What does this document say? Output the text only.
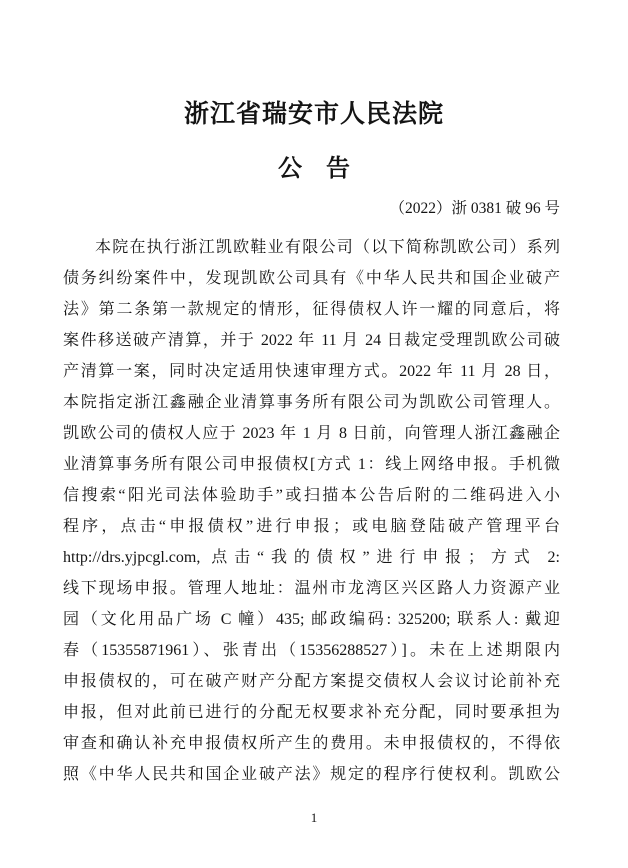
浙江省瑞安市人民法院
公　告
（2022）浙 0381 破 96 号
本院在执行浙江凯欧鞋业有限公司（以下简称凯欧公司）系列
债务纠纷案件中，发现凯欧公司具有《中华人民共和国企业破产
法》第二条第一款规定的情形，征得债权人许一耀的同意后，将
案件移送破产清算，并于 2022 年 11 月 24 日裁定受理凯欧公司破
产清算一案，同时决定适用快速审理方式。2022 年 11 月 28 日，
本院指定浙江鑫融企业清算事务所有限公司为凯欧公司管理人。
凯欧公司的债权人应于 2023 年 1 月 8 日前，向管理人浙江鑫融企
业清算事务所有限公司申报债权[方式 1：线上网络申报。手机微
信搜索“阳光司法体验助手”或扫描本公告后附的二维码进入小
程序，点击“申报债权”进行申报；或电脑登陆破产管理平台
http://drs.yjpcgl.com, 点击“我的债权”进行申报；方式 2:
线下现场申报。管理人地址：温州市龙湾区兴区路人力资源产业
园（文化用品广场 C 幢）435; 邮政编码: 325200; 联系人: 戴迎
春（15355871961）、张青出（15356288527）]。未在上述期限内
申报债权的，可在破产财产分配方案提交债权人会议讨论前补充
申报，但对此前已进行的分配无权要求补充分配，同时要承担为
审查和确认补充申报债权所产生的费用。未申报债权的，不得依
照《中华人民共和国企业破产法》规定的程序行使权利。凯欧公
1
